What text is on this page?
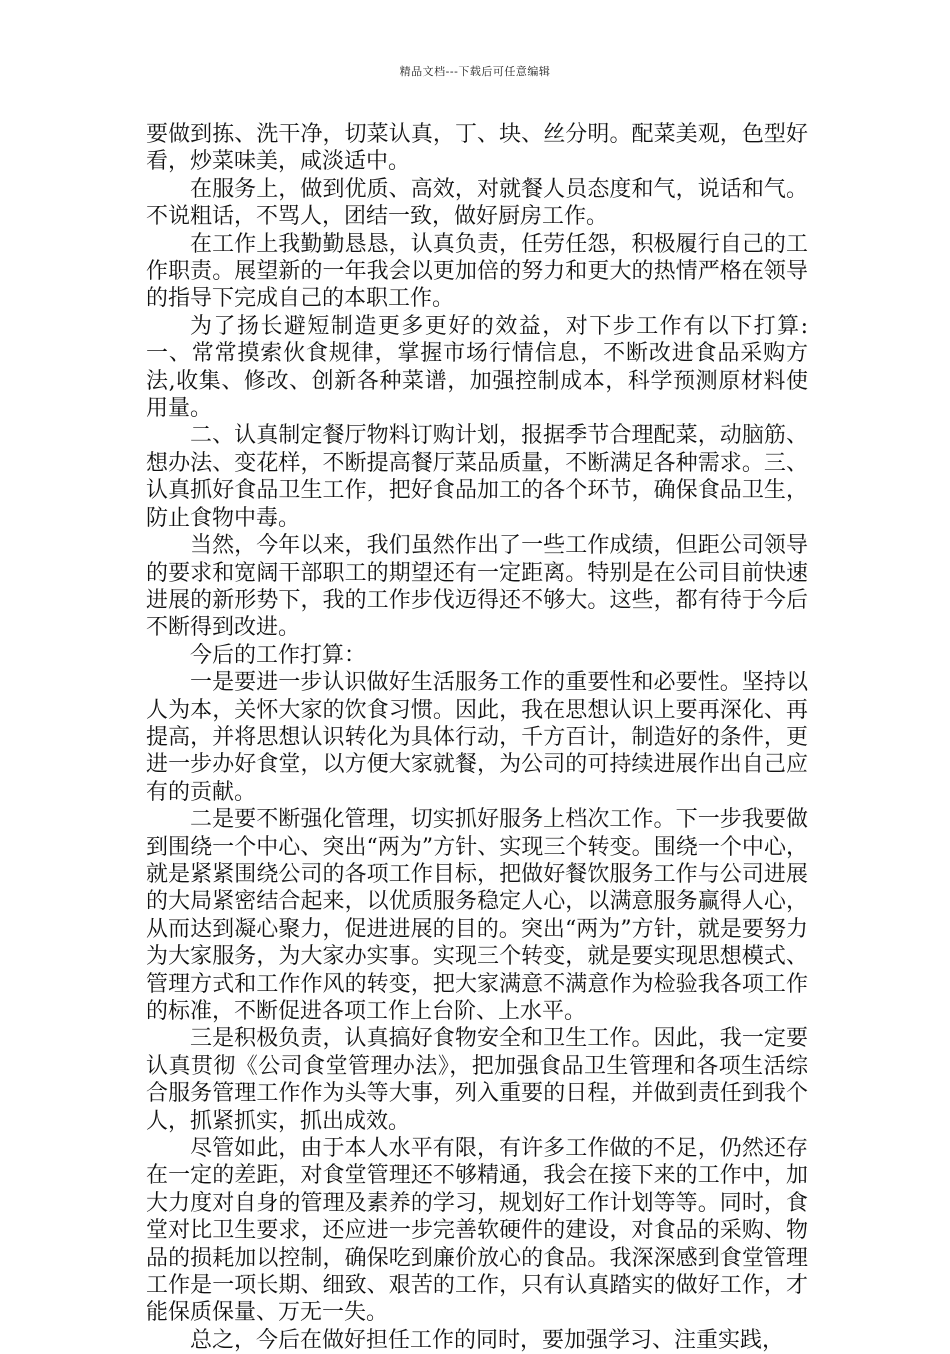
精品文档---下载后可任意编辑

要做到拣、洗干净，切菜认真，丁、块、丝分明。配菜美观，色型好看，炒菜味美，咸淡适中。

在服务上，做到优质、高效，对就餐人员态度和气，说话和气。不说粗话，不骂人，团结一致，做好厨房工作。

在工作上我勤勤恳恳，认真负责，任劳任怨，积极履行自己的工作职责。展望新的一年我会以更加倍的努力和更大的热情严格在领导的指导下完成自己的本职工作。

为了扬长避短制造更多更好的效益，对下步工作有以下打算:一、常常摸索伙食规律，掌握市场行情信息，不断改进食品采购方法,收集、修改、创新各种菜谱，加强控制成本，科学预测原材料使用量。

二、认真制定餐厅物料订购计划，报据季节合理配菜，动脑筋、想办法、变花样，不断提高餐厅菜品质量，不断满足各种需求。三、认真抓好食品卫生工作，把好食品加工的各个环节，确保食品卫生，防止食物中毒。

当然，今年以来，我们虽然作出了一些工作成绩，但距公司领导的要求和宽阔干部职工的期望还有一定距离。特别是在公司目前快速进展的新形势下，我的工作步伐迈得还不够大。这些，都有待于今后不断得到改进。

今后的工作打算：

一是要进一步认识做好生活服务工作的重要性和必要性。坚持以人为本，关怀大家的饮食习惯。因此，我在思想认识上要再深化、再提高，并将思想认识转化为具体行动，千方百计，制造好的条件，更进一步办好食堂，以方便大家就餐，为公司的可持续进展作出自己应有的贡献。

二是要不断强化管理，切实抓好服务上档次工作。下一步我要做到围绕一个中心、突出“两为”方针、实现三个转变。围绕一个中心，就是紧紧围绕公司的各项工作目标，把做好餐饮服务工作与公司进展的大局紧密结合起来，以优质服务稳定人心，以满意服务赢得人心，从而达到凝心聚力，促进进展的目的。突出“两为”方针，就是要努力为大家服务，为大家办实事。实现三个转变，就是要实现思想模式、管理方式和工作作风的转变，把大家满意不满意作为检验我各项工作的标准，不断促进各项工作上台阶、上水平。

三是积极负责，认真搞好食物安全和卫生工作。因此，我一定要认真贯彻《公司食堂管理办法》，把加强食品卫生管理和各项生活综合服务管理工作作为头等大事，列入重要的日程，并做到责任到我个人，抓紧抓实，抓出成效。

尽管如此，由于本人水平有限，有许多工作做的不足，仍然还存在一定的差距，对食堂管理还不够精通，我会在接下来的工作中，加大力度对自身的管理及素养的学习，规划好工作计划等等。同时，食堂对比卫生要求，还应进一步完善软硬件的建设，对食品的采购、物品的损耗加以控制，确保吃到廉价放心的食品。我深深感到食堂管理工作是一项长期、细致、艰苦的工作，只有认真踏实的做好工作，才能保质保量、万无一失。

总之，今后在做好担任工作的同时，要加强学习、注重实践，
